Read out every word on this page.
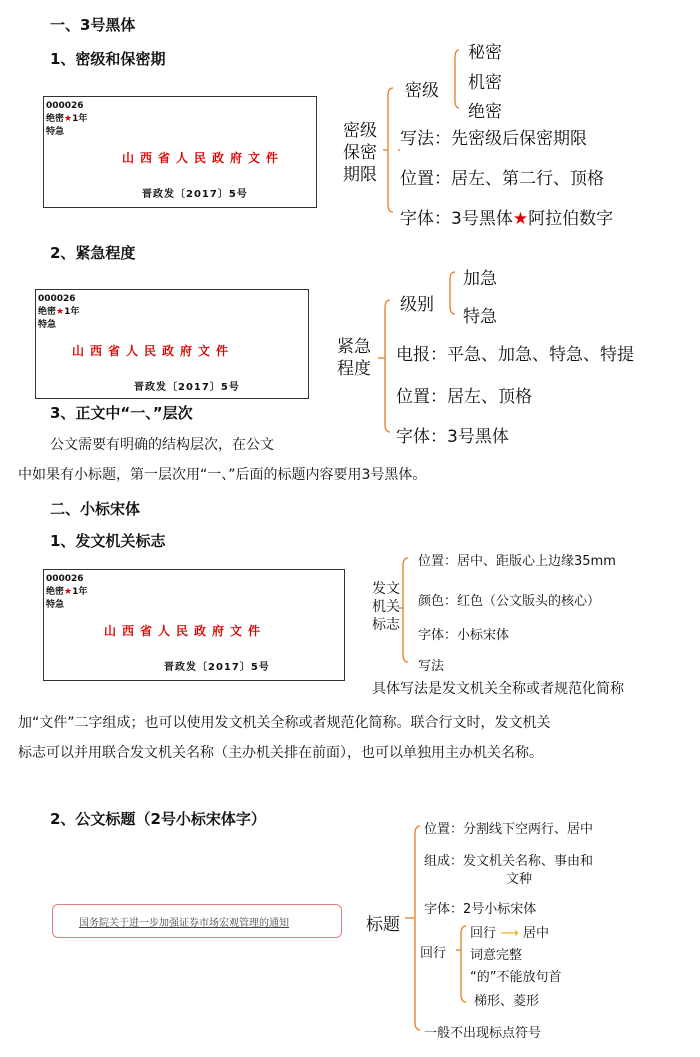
一、3号黑体
1、密级和保密期
000026
绝密★1年
特急
山西省人民政府文件
晋政发〔2017〕5号
密级
保密
期限
密级
秘密
机密
绝密
写法：先密级后保密期限
位置：居左、第二行、顶格
字体：3号黑体★阿拉伯数字
2、紧急程度
000026
绝密★1年
特急
山西省人民政府文件
晋政发〔2017〕5号
紧急
程度
级别
加急
特急
电报：平急、加急、特急、特提
位置：居左、顶格
字体：3号黑体
3、正文中“一、”层次
公文需要有明确的结构层次，在公文
中如果有小标题，第一层次用“一、”后面的标题内容要用3号黑体。
二、小标宋体
1、发文机关标志
000026
绝密★1年
特急
山西省人民政府文件
晋政发〔2017〕5号
发文
机关
标志
位置：居中、距版心上边缘35mm
颜色：红色（公文版头的核心）
字体：小标宋体
写法
具体写法是发文机关全称或者规范化简称
加“文件”二字组成；也可以使用发文机关全称或者规范化简称。联合行文时，发文机关
标志可以并用联合发文机关名称（主办机关排在前面），也可以单独用主办机关名称。
2、公文标题（2号小标宋体字）
国务院关于进一步加强证券市场宏观管理的通知	标题
位置：分割线下空两行、居中
组成：发文机关名称、事由和
文种
字体：2号小标宋体
回行
回行 ⟶ 居中
词意完整
“的”不能放句首
梯形、菱形
一般不出现标点符号
